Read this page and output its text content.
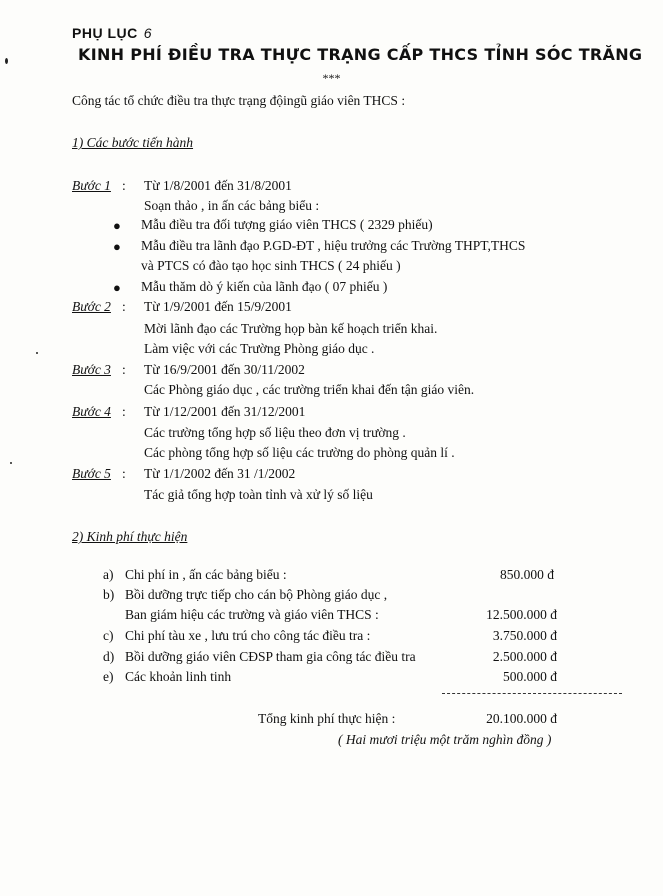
PHỤ LỤC 6
KINH PHÍ ĐIỀU TRA THỰC TRẠNG CẤP THCS TỈNH SÓC TRĂNG
***
Công tác tổ chức điều tra thực trạng độingũ giáo viên THCS :
1) Các bước tiến hành
Bước 1 : Từ 1/8/2001 đến 31/8/2001
Soạn thảo , in ấn các bảng biểu :
● Mẫu điều tra đối tượng giáo viên THCS ( 2329 phiếu)
● Mẫu điều tra lãnh đạo P.GD-ĐT , hiệu trưởng các Trường THPT,THCS
và PTCS có đào tạo học sinh THCS ( 24 phiếu )
● Mẫu thăm dò ý kiến của lãnh đạo ( 07 phiếu )
Bước 2 : Từ 1/9/2001 đến 15/9/2001
Mời lãnh đạo các Trường họp bàn kế hoạch triển khai.
Làm việc với các Trường Phòng giáo dục .
Bước 3 : Từ 16/9/2001 đến 30/11/2002
Các Phòng giáo dục , các trường triển khai đến tận giáo viên.
Bước 4 : Từ 1/12/2001 đến 31/12/2001
Các trường tổng hợp số liệu theo đơn vị trường .
Các phòng tổng hợp số liệu các trường do phòng quản lí .
Bước 5 : Từ 1/1/2002 đến 31 /1/2002
Tác giả tổng hợp toàn tỉnh và xử lý số liệu
2) Kinh phí thực hiện
a) Chi phí in , ấn các bảng biểu :	850.000 đ
b) Bồi dưỡng trực tiếp cho cán bộ Phòng giáo dục ,
Ban giám hiệu các trường và giáo viên THCS :	12.500.000 đ
c) Chi phí tàu xe , lưu trú cho công tác điều tra :	3.750.000 đ
d) Bồi dưỡng giáo viên CĐSP tham gia công tác điều tra	2.500.000 đ
e) Các khoản linh tinh	500.000 đ
Tổng kinh phí thực hiện :	20.100.000 đ
( Hai mươi triệu một trăm nghìn đồng )
